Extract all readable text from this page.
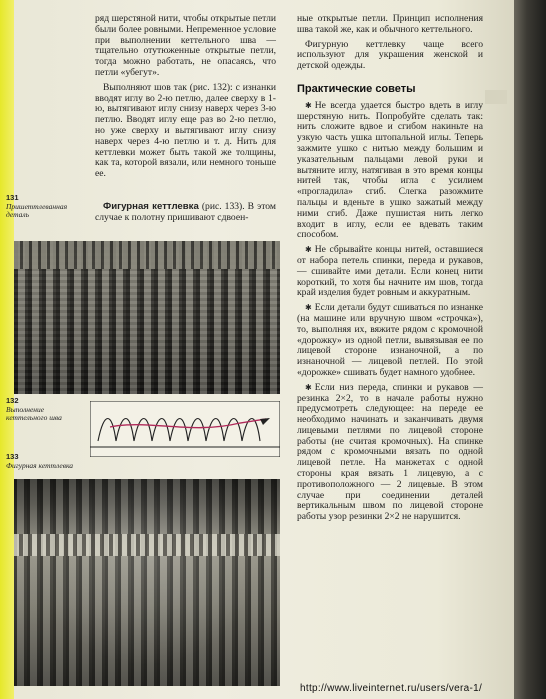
ряд шерстяной нити, чтобы открытые петли были более ровными. Непременное условие при выполнении кеттельного шва — тщательно отутюженные открытые петли, тогда можно работать, не опасаясь, что петли «убегут».

Выполняют шов так (рис. 132): с изнанки вводят иглу во 2-ю петлю, далее сверху в 1-ю, вытягивают иглу снизу наверх через 3-ю петлю. Вводят иглу еще раз во 2-ю петлю, но уже сверху и вытягивают иглу снизу наверх через 4-ю петлю и т. д. Нить для кеттлевки может быть такой же толщины, как та, которой вязали, или немного тоньше ее.

Фигурная кеттлевка (рис. 133). В этом случае к полотну пришивают сдвоен-

131
Пришеттлеванная деталь
132
Выполнение кеттельного шва
133
Фигурная кеттлевка

ные открытые петли. Принцип исполнения шва такой же, как и обычного кеттельного.

Фигурную кеттлевку чаще всего используют для украшения женской и детской одежды.

Практические советы

✱ Не всегда удается быстро вдеть в иглу шерстяную нить. Попробуйте сделать так: нить сложите вдвое и сгибом накиньте на узкую часть ушка штопальной иглы. Теперь зажмите ушко с нитью между большим и указательным пальцами левой руки и вытяните иглу, натягивая в это время концы нитей так, чтобы игла с усилием «прогладила» сгиб. Слегка разожмите пальцы и вденьте в ушко зажатый между ними сгиб. Даже пушистая нить легко входит в иглу, если ее вдевать таким способом.

✱ Не сбрывайте концы нитей, оставшиеся от набора петель спинки, переда и рукавов, — сшивайте ими детали. Если конец нити короткий, то хотя бы начните им шов, тогда край изделия будет ровным и аккуратным.

✱ Если детали будут сшиваться по изнанке (на машине или вручную швом «строчка»), то, выполняя их, вяжите рядом с кромочной «дорожку» из одной петли, вывязывая ее по лицевой стороне изнаночной, а по изнаночной — лицевой петлей. По этой «дорожке» сшивать будет намного удобнее.

✱ Если низ переда, спинки и рукавов — резинка 2×2, то в начале работы нужно предусмотреть следующее: на переде ее необходимо начинать и заканчивать двумя лицевыми петлями по лицевой стороне работы (не считая кромочных). На спинке рядом с кромочными вязать по одной лицевой петле. На манжетах с одной стороны края вязать 1 лицевую, а с противоположного — 2 лицевые. В этом случае при соединении деталей вертикальным швом по лицевой стороне работы узор резинки 2×2 не нарушится.

http://www.liveinternet.ru/users/vera-1/
